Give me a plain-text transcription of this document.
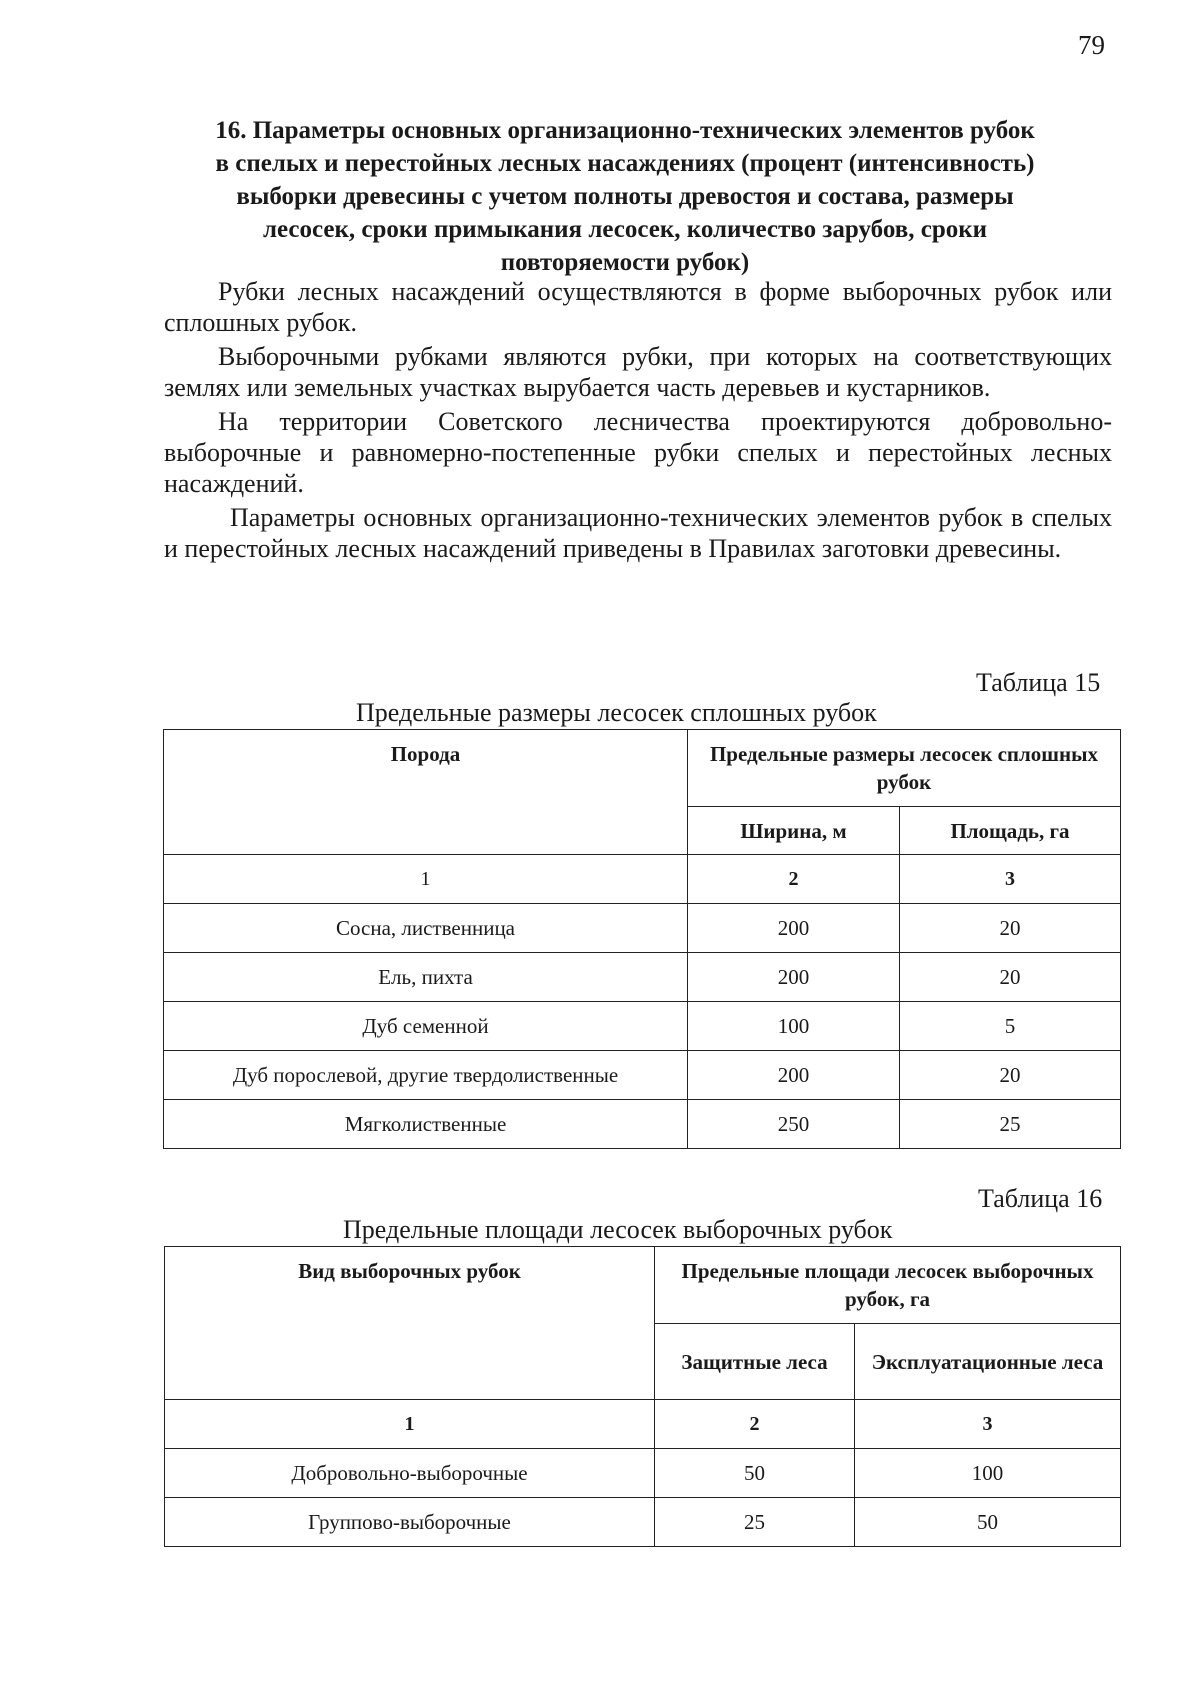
79
16. Параметры основных организационно-технических элементов рубок
в спелых и перестойных лесных насаждениях (процент (интенсивность)
выборки древесины с учетом полноты древостоя и состава, размеры
лесосек, сроки примыкания лесосек, количество зарубов, сроки
повторяемости рубок)

Рубки лесных насаждений осуществляются в форме выборочных рубок или сплошных рубок.

Выборочными рубками являются рубки, при которых на соответствующих землях или земельных участках вырубается часть деревьев и кустарников.

На территории Советского лесничества проектируются добровольно-выборочные и равномерно-постепенные рубки спелых и перестойных лесных насаждений.

Параметры основных организационно-технических элементов рубок в спелых и перестойных лесных насаждений приведены в Правилах заготовки древесины.

Таблица 15
Предельные размеры лесосек сплошных рубок
Порода	Предельные размеры лесосек сплошных рубок	
	Ширина, м	Площадь, га
1	2	3
Сосна, лиственница	200	20
Ель, пихта	200	20
Дуб семенной	100	5
Дуб порослевой, другие твердолиственные	200	20
Мягколиственные	250	25
Таблица 16
Предельные площади лесосек выборочных рубок
Вид выборочных рубок	Предельные площади лесосек выборочных рубок, га	
	Защитные леса	Эксплуатационные леса
1	2	3
Добровольно-выборочные	50	100
Группово-выборочные	25	50
